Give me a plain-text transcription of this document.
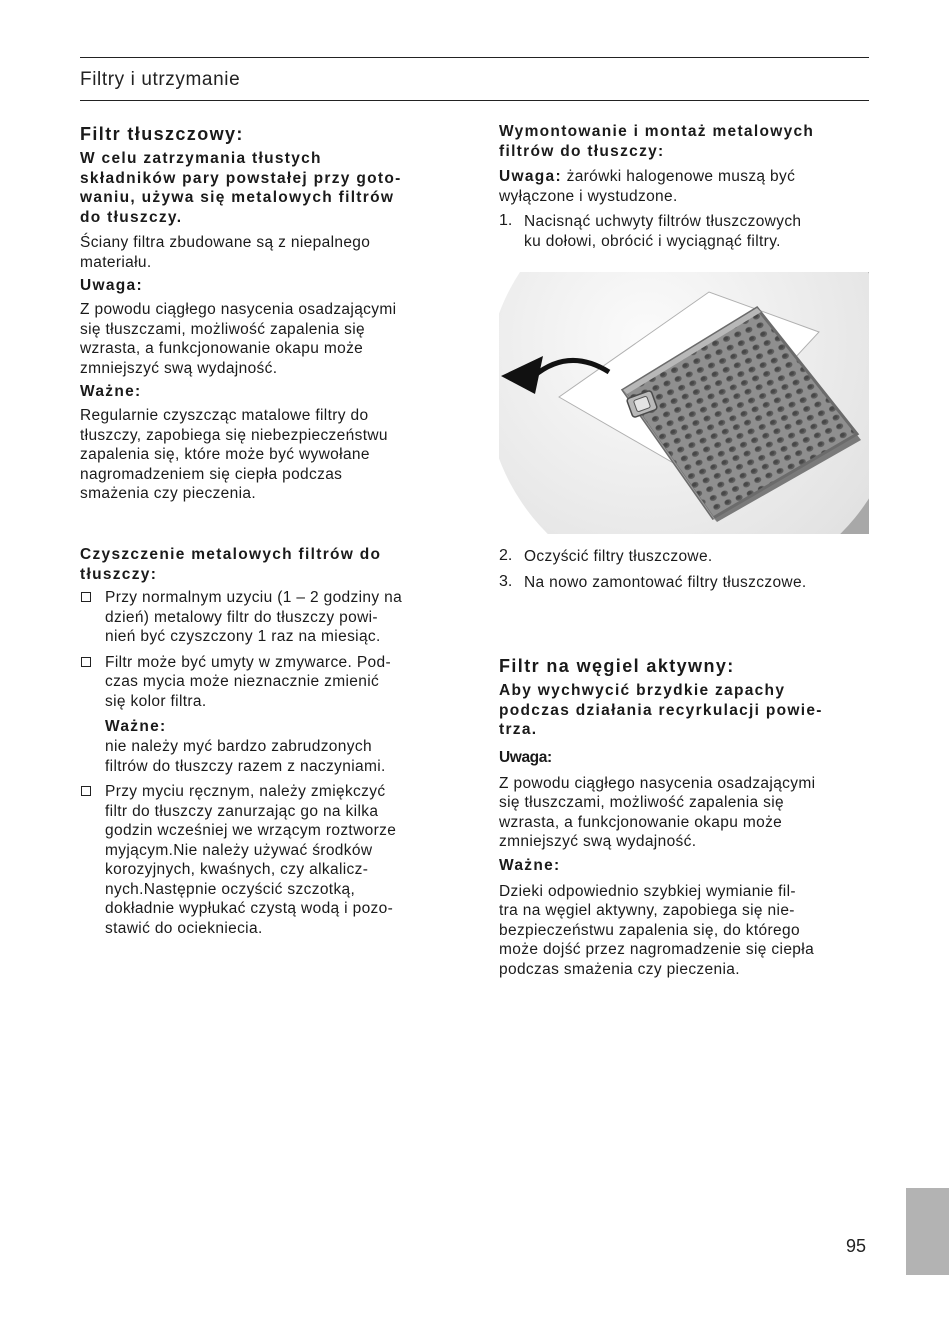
Filtry i utrzymanie
Filtr tłuszczowy:
W celu zatrzymania tłustych
składników pary powstałej przy goto-
waniu, używa się metalowych filtrów
do tłuszczy.

Ściany filtra zbudowane są z niepalnego
materiału.

Uwaga:

Z powodu ciągłego nasycenia osadzającymi
się tłuszczami, możliwość zapalenia się
wzrasta, a funkcjonowanie okapu może
zmniejszyć swą wydajność.

Ważne:

Regularnie czyszcząc matalowe filtry do
tłuszczy, zapobiega się niebezpieczeństwu
zapalenia się, które może być wywołane
nagromadzeniem się ciepła podczas
smażenia czy pieczenia.

Czyszczenie metalowych filtrów do
tłuszczy:

Przy normalnym uzyciu (1 – 2 godziny na
dzień) metalowy filtr do tłuszczy powi-
nień być czyszczony 1 raz na miesiąc.

Filtr może być umyty w zmywarce. Pod-
czas mycia może nieznacznie zmienić
się kolor filtra.

Ważne:

nie należy myć bardzo zabrudzonych
filtrów do tłuszczy razem z naczyniami.

Przy myciu ręcznym, należy zmiękczyć
filtr do tłuszczy zanurzając go na kilka
godzin wcześniej we wrzącym roztworze
myjącym.Nie należy używać środków
korozyjnych, kwaśnych, czy alkalicz-
nych.Następnie oczyścić szczotką,
dokładnie wypłukać czystą wodą i pozo-
stawić do ociekniecia.

Wymontowanie i montaż metalowych
filtrów do tłuszczy:

Uwaga: żarówki halogenowe muszą być
wyłączone i wystudzone.

1. Nacisnąć uchwyty filtrów tłuszczowych
ku dołowi, obrócić i wyciągnąć filtry.

2. Oczyścić filtry tłuszczowe.

3. Na nowo zamontować filtry tłuszczowe.

Filtr na węgiel aktywny:
Aby wychwycić brzydkie zapachy
podczas działania recyrkulacji powie-
trza.
Uwaga:

Z powodu ciągłego nasycenia osadzającymi
się tłuszczami, możliwość zapalenia się
wzrasta, a funkcjonowanie okapu może
zmniejszyć swą wydajność.

Ważne:

Dzieki odpowiednio szybkiej wymianie fil-
tra na węgiel aktywny, zapobiega się nie-
bezpieczeństwu zapalenia się, do którego
może dojść przez nagromadzenie się ciepła
podczas smażenia czy pieczenia.

95
